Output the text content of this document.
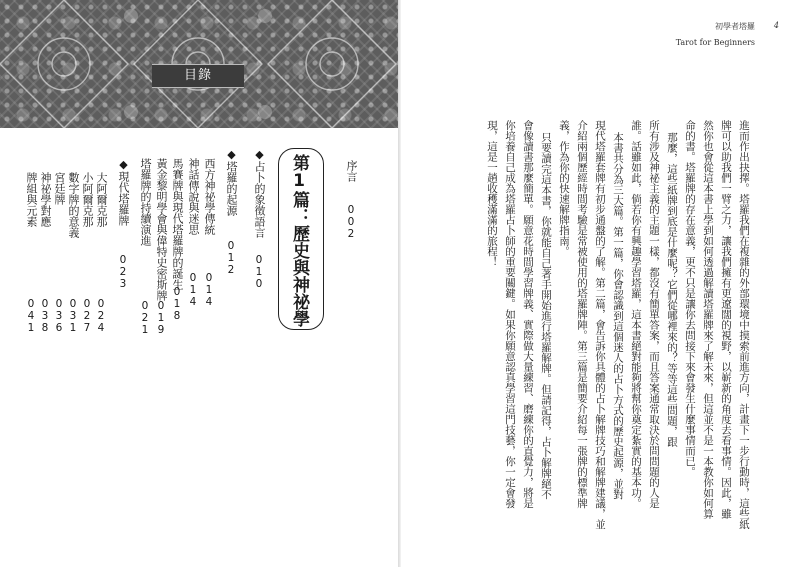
目錄
序言
002
第1篇：歷史與神祕學
◆占卜的象徵語言
010
◆塔羅的起源
012
西方神祕學傳統
014
神話傳說與迷思
014
馬賽牌與現代塔羅牌的誕生
018
黃金黎明學會與偉特史密斯牌
019
塔羅牌的持續演進
021
◆現代塔羅牌
023
大阿爾克那
024
小阿爾克那
027
數字牌的意義
031
宮廷牌
036
神祕學對應
038
牌組與元素
041
初學者塔羅 4
Tarot for Beginners
進而作出抉擇。塔羅我們在複雜的外部環境中摸索前進方向，計畫下一步行動時，這些紙
牌可以助我們一臂之力，讓我們擁有更遼闊的視野，以嶄新的角度去看事情。因此，雖
然你也會從這本書上學到如何透過解讀塔羅牌來了解未來，但這並不是一本教你如何算
命的書。塔羅牌的存在意義，更不只是讓你去問接下來會發生什麼事情而已。
那麼，這些紙牌到底是什麼呢？它們從哪裡來的？等等這些問題，跟
所有涉及神祕主義的主題一樣，都沒有簡單答案，而且答案通常取決於問問題的人是
誰。話雖如此，倘若你有興趣學習塔羅，這本書絕對能夠將幫你奠定紮實的基本功。
本書共分為三大篇。第一篇，你會認識到這個迷人的占卜方式的歷史起源，並對
現代塔羅套牌有初步通盤的了解。第二篇，會告訴你具體的占卜解牌技巧和解牌建議，並
介紹兩個歷經時間考驗是常被使用的塔羅牌陣。第三篇是簡要介紹每一張牌的標準牌
義，作為你的快速解牌指南。
只要讀完這本書，你就能自己著手開始進行塔羅解牌。但請記得，占卜解牌絕不
會像讀書那麼簡單。願意花時間學習牌義、實際做大量練習、磨練你的直覺力，將是
你培養自己成為塔羅占卜師的重要關鍵。如果你願意認真學習這門技藝，你一定會發
現，這是一趟收穫滿滿的旅程！
